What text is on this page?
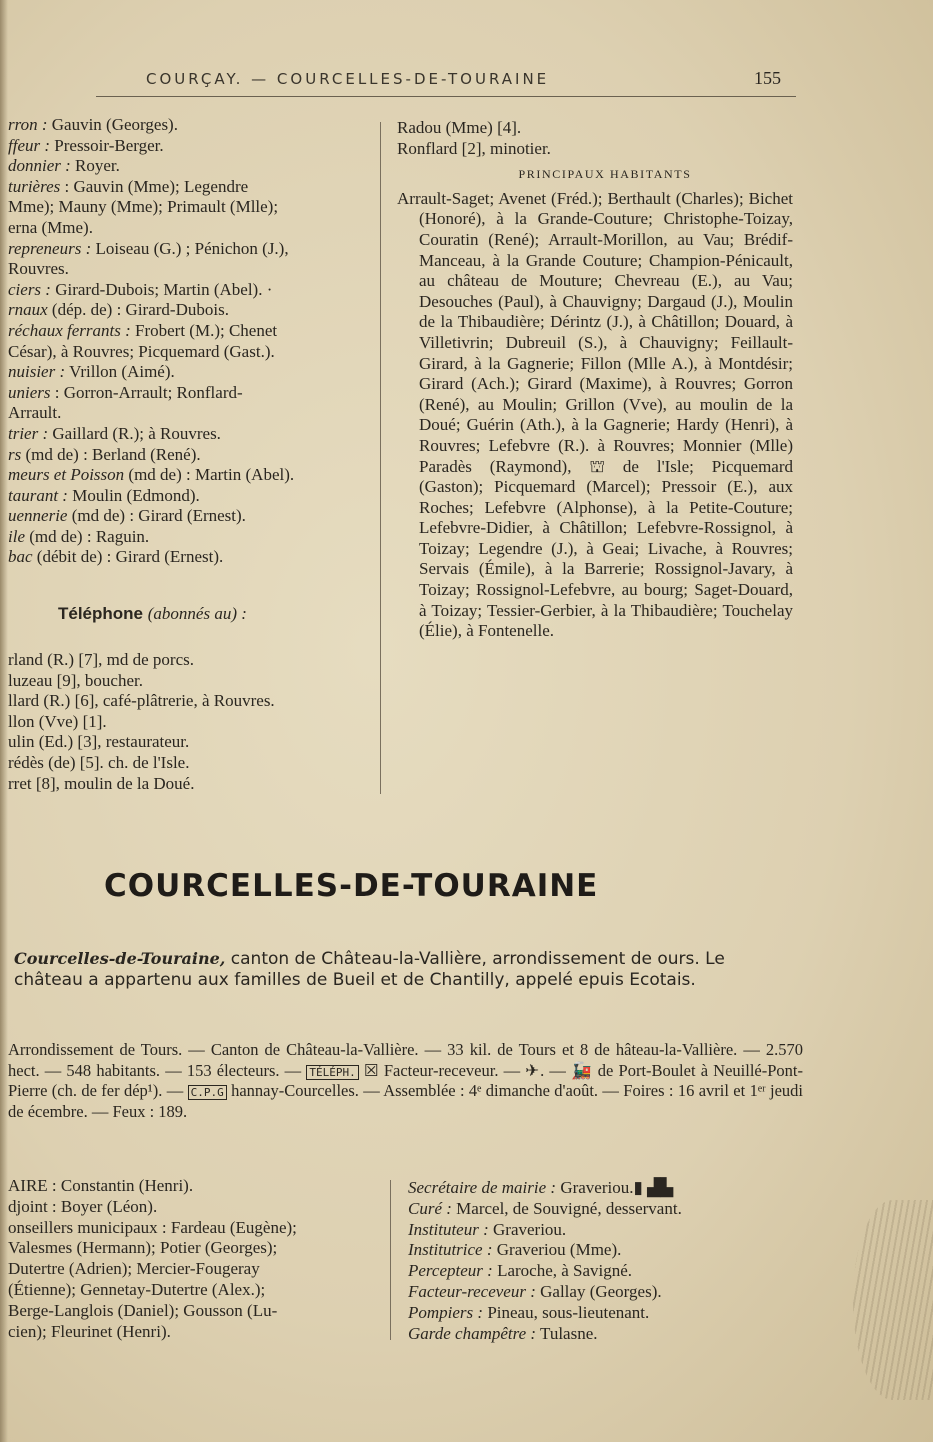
COURÇAY. — COURCELLES-DE-TOURAINE	155
rron : Gauvin (Georges).
ffeur : Pressoir-Berger.
donnier : Royer.
turières : Gauvin (Mme); Legendre
Mme); Mauny (Mme); Primault (Mlle);
erna (Mme).
repreneurs : Loiseau (G.) ; Pénichon (J.),
Rouvres.
ciers : Girard-Dubois; Martin (Abel). ·
rnaux (dép. de) : Girard-Dubois.
réchaux ferrants : Frobert (M.); Chenet
César), à Rouvres; Picquemard (Gast.).
nuisier : Vrillon (Aimé).
uniers : Gorron-Arrault; Ronflard-
Arrault.
trier : Gaillard (R.); à Rouvres.
rs (md de) : Berland (René).
meurs et Poisson (md de) : Martin (Abel).
taurant : Moulin (Edmond).
uennerie (md de) : Girard (Ernest).
ile (md de) : Raguin.
bac (débit de) : Girard (Ernest).
Téléphone (abonnés au) :
rland (R.) [7], md de porcs.
luzeau [9], boucher.
llard (R.) [6], café-plâtrerie, à Rouvres.
llon (Vve) [1].
ulin (Ed.) [3], restaurateur.
rédès (de) [5]. ch. de l'Isle.
rret [8], moulin de la Doué.
Radou (Mme) [4].
Ronflard [2], minotier.
PRINCIPAUX HABITANTS
Arrault-Saget; Avenet (Fréd.); Berthault (Charles); Bichet (Honoré), à la Grande-Couture; Christophe-Toizay, Couratin (René); Arrault-Morillon, au Vau; Brédif-Manceau, à la Grande Couture; Champion-Pénicault, au château de Mouture; Chevreau (E.), au Vau; Desouches (Paul), à Chauvigny; Dargaud (J.), Moulin de la Thibaudière; Dérintz (J.), à Châtillon; Douard, à Villetivrin; Dubreuil (S.), à Chauvigny; Feillault-Girard, à la Gagnerie; Fillon (Mlle A.), à Montdésir; Girard (Ach.); Girard (Maxime), à Rouvres; Gorron (René), au Moulin; Grillon (Vve), au moulin de la Doué; Guérin (Ath.), à la Gagnerie; Hardy (Henri), à Rouvres; Lefebvre (R.). à Rouvres; Monnier (Mlle) Paradès (Raymond), ⛫ de l'Isle; Picquemard (Gaston); Picquemard (Marcel); Pressoir (E.), aux Roches; Lefebvre (Alphonse), à la Petite-Couture; Lefebvre-Didier, à Châtillon; Lefebvre-Rossignol, à Toizay; Legendre (J.), à Geai; Livache, à Rouvres; Servais (Émile), à la Barrerie; Rossignol-Javary, à Toizay; Rossignol-Lefebvre, au bourg; Saget-Douard, à Toizay; Tessier-Gerbier, à la Thibaudière; Touchelay (Élie), à Fontenelle.
COURCELLES-DE-TOURAINE
Courcelles-de-Touraine, canton de Château-la-Vallière, arrondissement de ours. Le château a appartenu aux familles de Bueil et de Chantilly, appelé epuis Ecotais.
Arrondissement de Tours. — Canton de Château-la-Vallière. — 33 kil. de Tours et 8 de hâteau-la-Vallière. — 2.570 hect. — 548 habitants. — 153 électeurs. — TÉLÉPH. ☒ Facteur-receveur. — ✈. — 🚂 de Port-Boulet à Neuillé-Pont-Pierre (ch. de fer dép¹). — C.P.G hannay-Courcelles. — Assemblée : 4ᵉ dimanche d'août. — Foires : 16 avril et 1ᵉʳ jeudi de écembre. — Feux : 189.
AIRE : Constantin (Henri).
djoint : Boyer (Léon).
onseillers municipaux : Fardeau (Eugène);
Valesmes (Hermann); Potier (Georges);
Dutertre (Adrien); Mercier-Fougeray
(Étienne); Gennetay-Dutertre (Alex.);
Berge-Langlois (Daniel); Gousson (Lu-
cien); Fleurinet (Henri).
Secrétaire de mairie : Graveriou.▮ ▟▙
Curé : Marcel, de Souvigné, desservant.
Instituteur : Graveriou.
Institutrice : Graveriou (Mme).
Percepteur : Laroche, à Savigné.
Facteur-receveur : Gallay (Georges).
Pompiers : Pineau, sous-lieutenant.
Garde champêtre : Tulasne.
